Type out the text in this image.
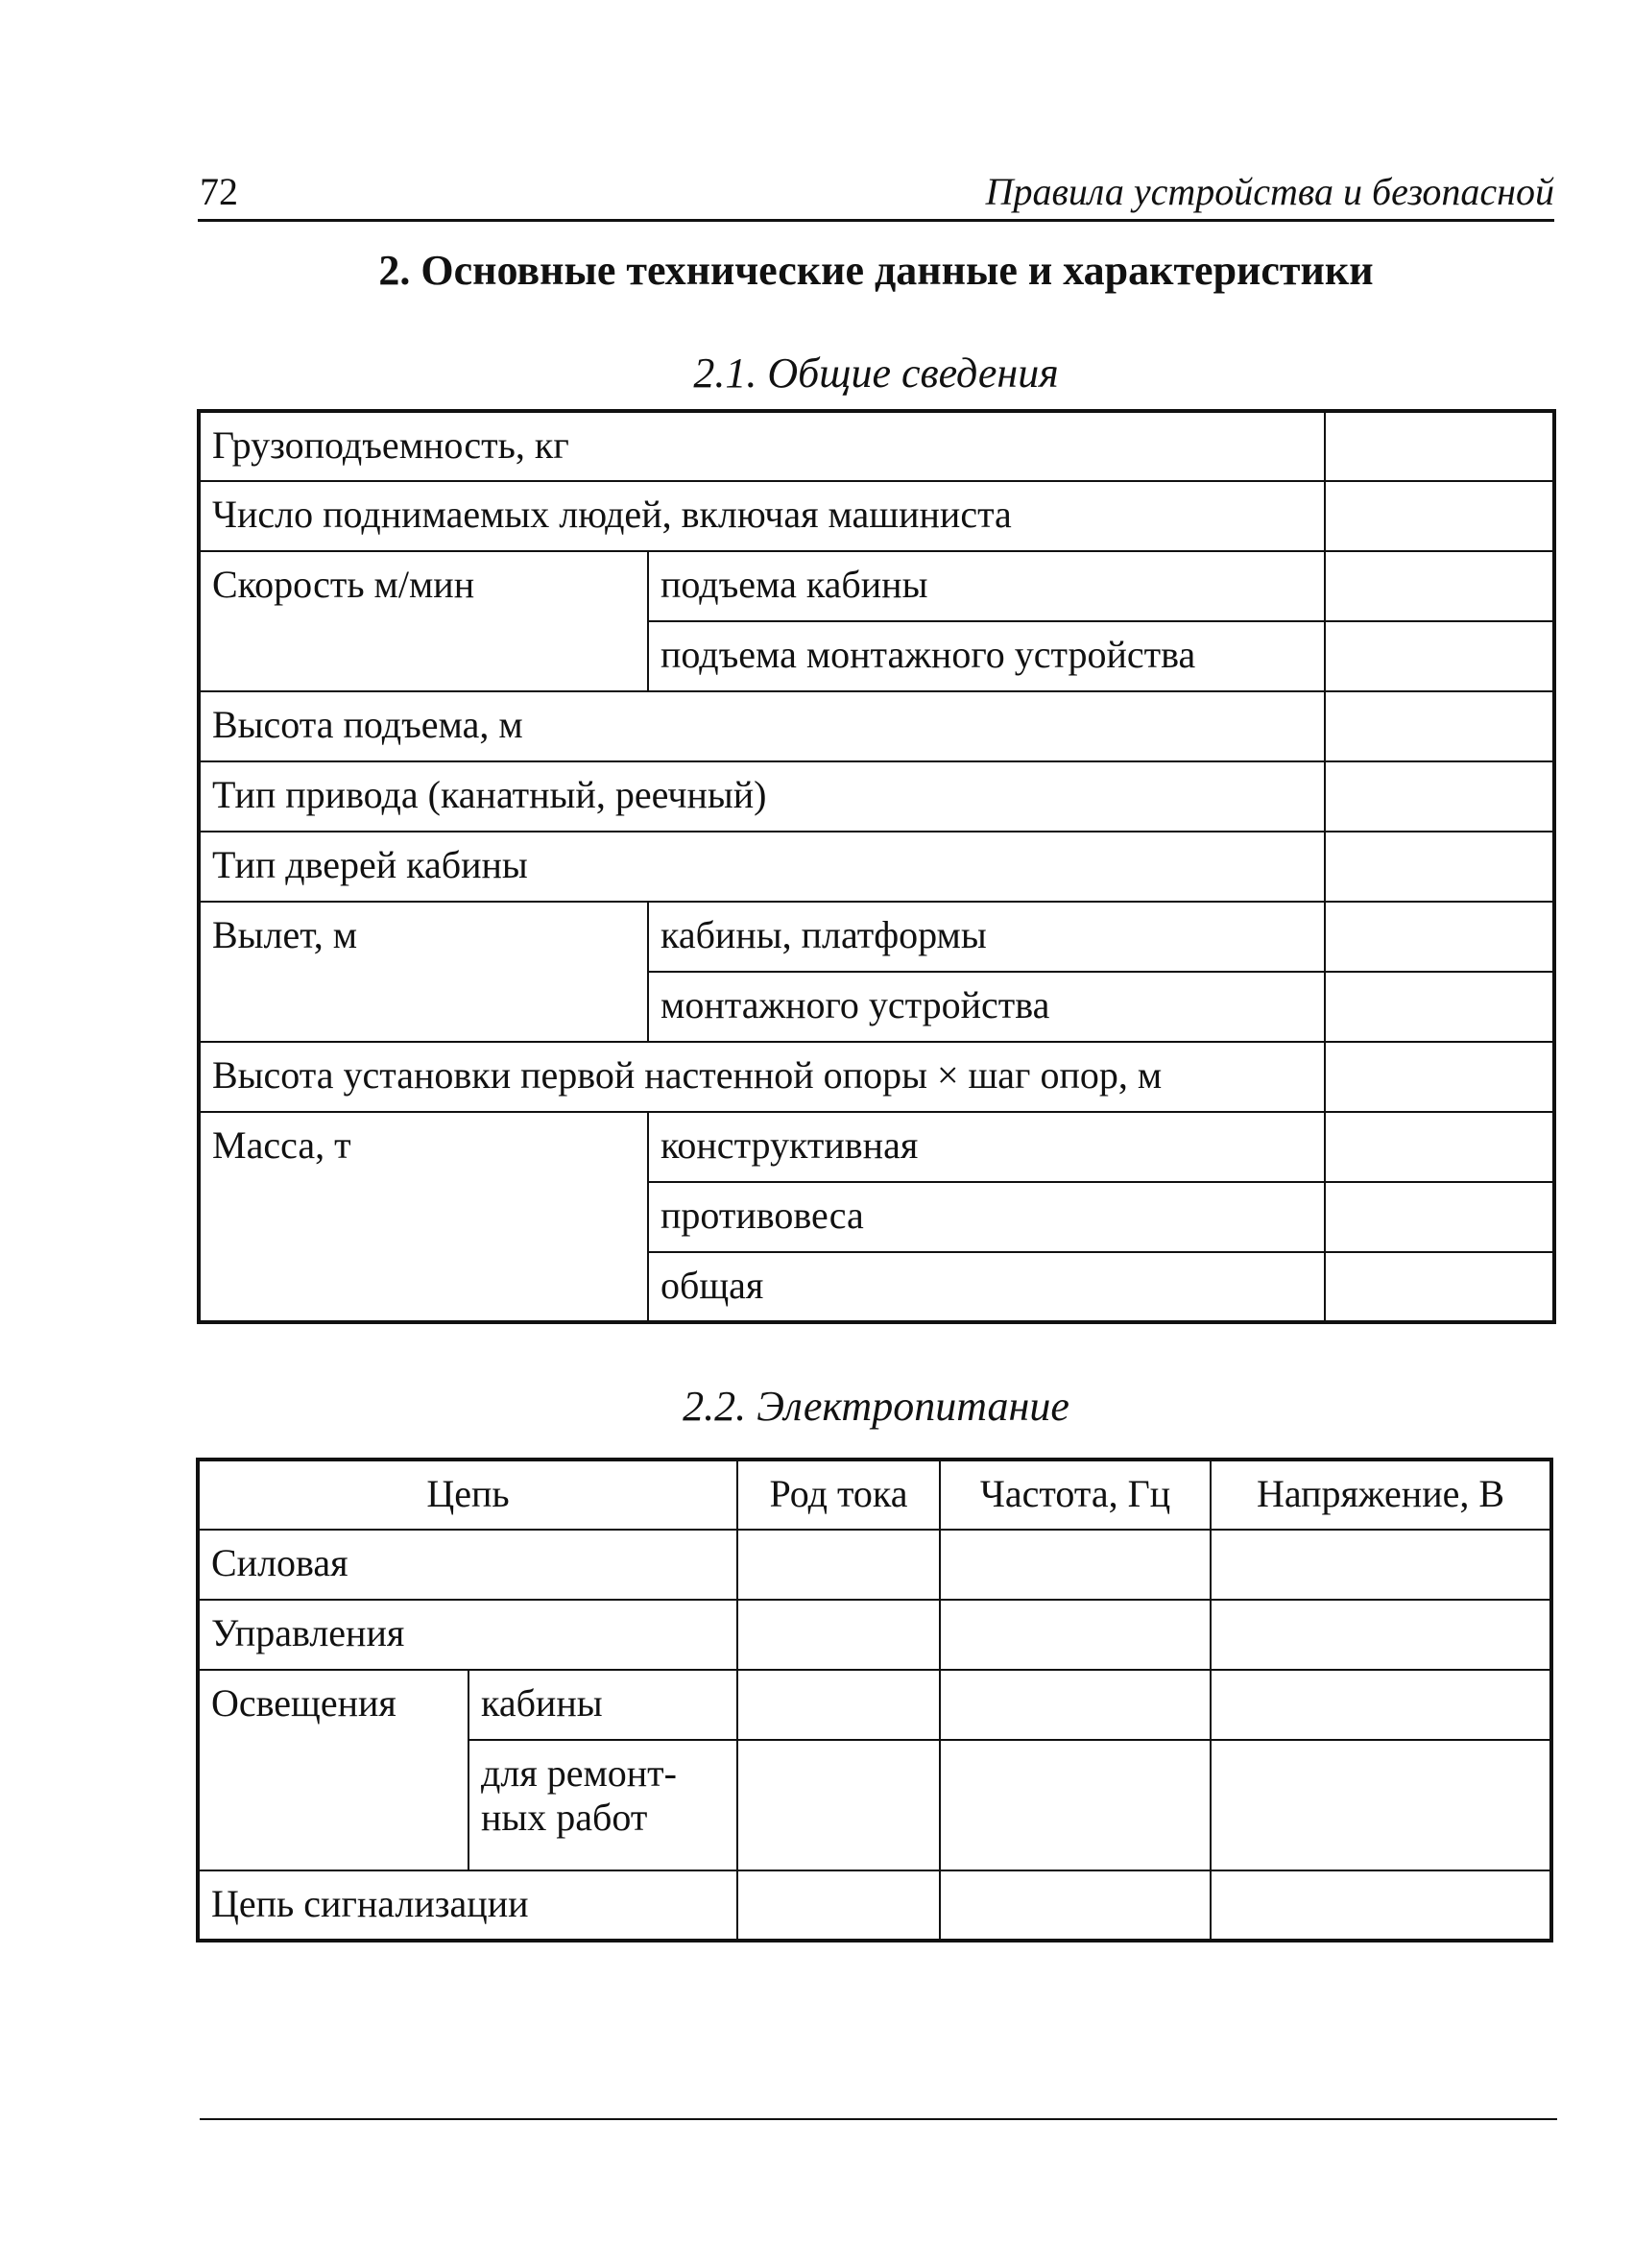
72	Правила устройства и безопасной
2. Основные технические данные и характеристики
2.1. Общие сведения
Грузоподъемность, кг		
Число поднимаемых людей, включая машиниста		
Скорость м/мин	подъема кабины	
	подъема монтажного устройства	
Высота подъема, м		
Тип привода (канатный, реечный)		
Тип дверей кабины		
Вылет, м	кабины, платформы	
	монтажного устройства	
Высота установки первой настенной опоры × шаг опор, м		
Масса, т	конструктивная	
	противовеса	
	общая	
2.2. Электропитание
Цепь		Род тока	Частота, Гц	Напряжение, В
Силовая				
Управления				
Освещения	кабины			
	для ремонт-ных работ			
Цепь сигнализации				
